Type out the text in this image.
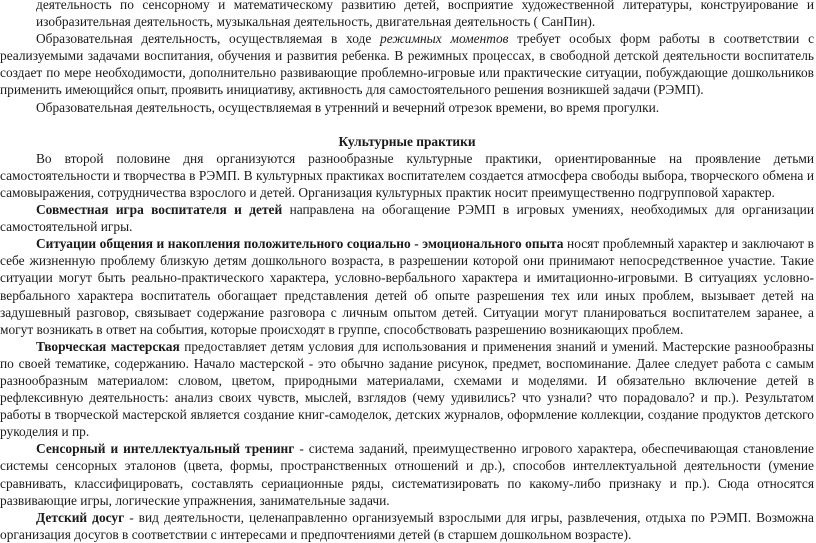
деятельность по сенсорному и математическому развитию детей, восприятие художественной литературы, конструирование и изобразительная деятельность, музыкальная деятельность, двигательная деятельность ( СанПин).

Образовательная деятельность, осуществляемая в ходе режимных моментов требует особых форм работы в соответствии с реализуемыми задачами воспитания, обучения и развития ребенка. В режимных процессах, в свободной детской деятельности воспитатель создает по мере необходимости, дополнительно развивающие проблемно-игровые или практические ситуации, побуждающие дошкольников применить имеющийся опыт, проявить инициативу, активность для самостоятельного решения возникшей задачи (РЭМП).

Образовательная деятельность, осуществляемая в утренний и вечерний отрезок времени, во время прогулки.

Культурные практики

Во второй половине дня организуются разнообразные культурные практики, ориентированные на проявление детьми самостоятельности и творчества в РЭМП. В культурных практиках воспитателем создается атмосфера свободы выбора, творческого обмена и самовыражения, сотрудничества взрослого и детей. Организация культурных практик носит преимущественно подгрупповой характер.

Совместная игра воспитателя и детей направлена на обогащение РЭМП в игровых умениях, необходимых для организации самостоятельной игры.

Ситуации общения и накопления положительного социально - эмоционального опыта носят проблемный характер и заключают в себе жизненную проблему близкую детям дошкольного возраста, в разрешении которой они принимают непосредственное участие. Такие ситуации могут быть реально-практического характера, условно-вербального характера и имитационно-игровыми. В ситуациях условно-вербального характера воспитатель обогащает представления детей об опыте разрешения тех или иных проблем, вызывает детей на задушевный разговор, связывает содержание разговора с личным опытом детей. Ситуации могут планироваться воспитателем заранее, а могут возникать в ответ на события, которые происходят в группе, способствовать разрешению возникающих проблем.

Творческая мастерская предоставляет детям условия для использования и применения знаний и умений. Мастерские разнообразны по своей тематике, содержанию. Начало мастерской - это обычно задание рисунок, предмет, воспоминание. Далее следует работа с самым разнообразным материалом: словом, цветом, природными материалами, схемами и моделями. И обязательно включение детей в рефлексивную деятельность: анализ своих чувств, мыслей, взглядов (чему удивились? что узнали? что порадовало? и пр.). Результатом работы в творческой мастерской является создание книг-самоделок, детских журналов, оформление коллекции, создание продуктов детского рукоделия и пр.

Сенсорный и интеллектуальный тренинг - система заданий, преимущественно игрового характера, обеспечивающая становление системы сенсорных эталонов (цвета, формы, пространственных отношений и др.), способов интеллектуальной деятельности (умение сравнивать, классифицировать, составлять сериационные ряды, систематизировать по какому-либо признаку и пр.). Сюда относятся развивающие игры, логические упражнения, занимательные задачи.

Детский досуг - вид деятельности, целенаправленно организуемый взрослыми для игры, развлечения, отдыха по РЭМП. Возможна организация досугов в соответствии с интересами и предпочтениями детей (в старшем дошкольном возрасте).
